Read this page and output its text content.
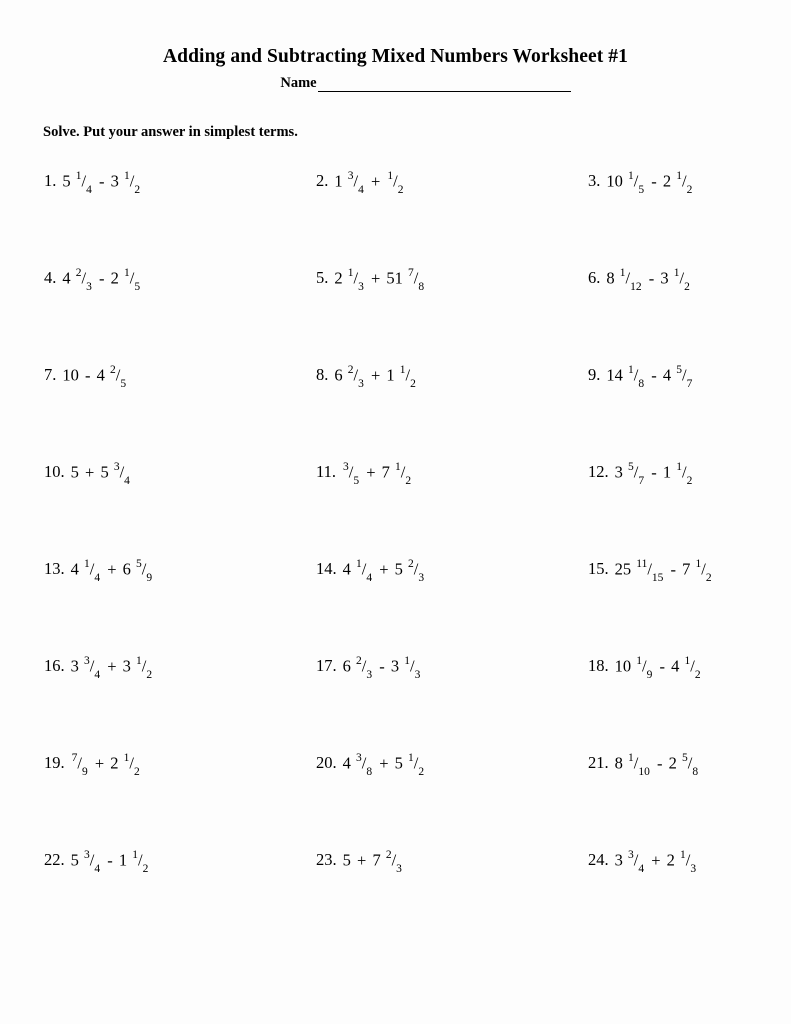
Adding and Subtracting Mixed Numbers Worksheet #1
Name
Solve. Put your answer in simplest terms.
1. 5 $^1/_4 - 3$ $^1/_2$	2. 1 $^3/_4 + ^1/_2$	3. 10 $^1/_5 - 2$ $^1/_2$
4. 4 $^2/_3 - 2$ $^1/_5$	5. 2 $^1/_3 + 51$ $^7/_8$	6. 8 $^1/_{12} - 3$ $^1/_2$
7. 10 - 4 $^2/_5$	8. 6 $^2/_3 + 1$ $^1/_2$	9. 14 $^1/_8 - 4$ $^5/_7$
10. 5 + 5 $^3/_4$	11. $^3/_5 + 7$ $^1/_2$	12. 3 $^5/_7 - 1$ $^1/_2$
13. 4 $^1/_4 + 6$ $^5/_9$	14. 4 $^1/_4 + 5$ $^2/_3$	15. 25 $^{11}/_{15} - 7$ $^1/_2$
16. 3 $^3/_4 + 3$ $^1/_2$	17. 6 $^2/_3 - 3$ $^1/_3$	18. 10 $^1/_9 - 4$ $^1/_2$
19. $^7/_9 + 2$ $^1/_2$	20. 4 $^3/_8 + 5$ $^1/_2$	21. 8 $^1/_{10} - 2$ $^5/_8$
22. 5 $^3/_4 - 1$ $^1/_2$	23. 5 + 7 $^2/_3$	24. 3 $^3/_4 + 2$ $^1/_3$
